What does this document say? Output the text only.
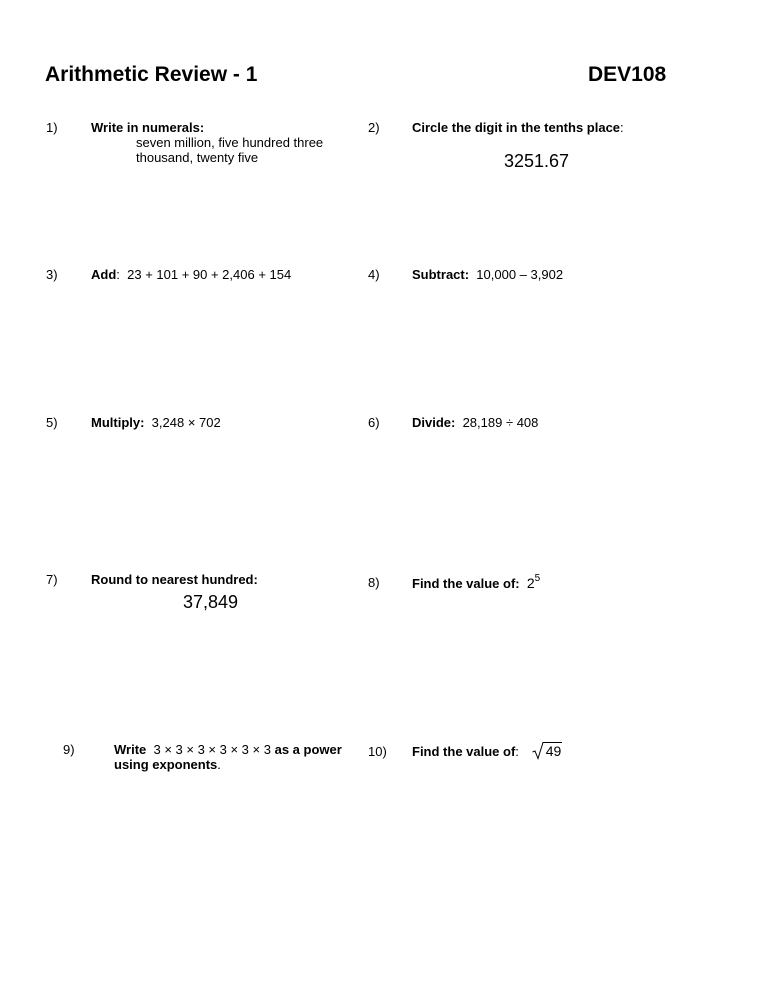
Arithmetic Review - 1	DEV108
1)	Write in numerals:
seven million, five hundred three
thousand, twenty five
2) Circle the digit in the tenths place:
3251.67
3)	Add:  23 + 101 + 90 + 2,406 + 154	4) Subtract: 10,000 – 3,902
5)	Multiply: 3,248 × 702	6) Divide: 28,189 ÷ 408
7)	Round to nearest hundred:
37,849
8) Find the value of: $2^5$
9)	Write 3 × 3 × 3 × 3 × 3 × 3 as a power
using exponents.
10) Find the value of: 49
